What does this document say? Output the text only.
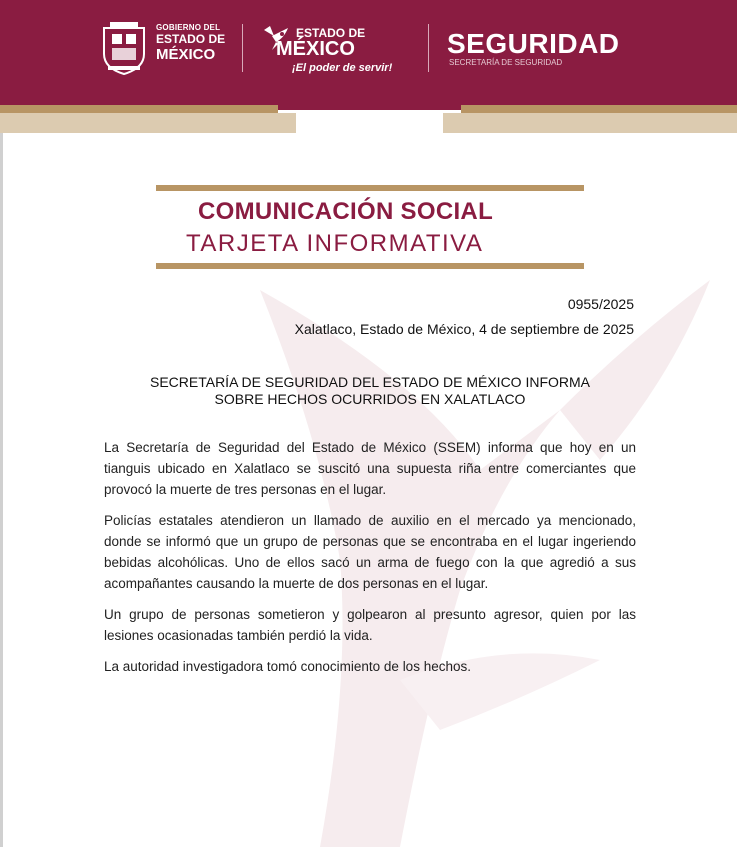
GOBIERNO DEL
ESTADO DE
MÉXICO
ESTADO DE
MÉXICO
¡El poder de servir!
SEGURIDAD
SECRETARÍA DE SEGURIDAD
COMUNICACIÓN SOCIAL
TARJETA INFORMATIVA
0955/2025
Xalatlaco, Estado de México, 4 de septiembre de 2025
SECRETARÍA DE SEGURIDAD DEL ESTADO DE MÉXICO INFORMA
SOBRE HECHOS OCURRIDOS EN XALATLACO

La Secretaría de Seguridad del Estado de México (SSEM) informa que hoy en un tianguis ubicado en Xalatlaco se suscitó una supuesta riña entre comerciantes que provocó la muerte de tres personas en el lugar.

Policías estatales atendieron un llamado de auxilio en el mercado ya mencionado, donde se informó que un grupo de personas que se encontraba en el lugar ingeriendo bebidas alcohólicas. Uno de ellos sacó un arma de fuego con la que agredió a sus acompañantes causando la muerte de dos personas en el lugar.

Un grupo de personas sometieron y golpearon al presunto agresor, quien por las lesiones ocasionadas también perdió la vida.

La autoridad investigadora tomó conocimiento de los hechos.
